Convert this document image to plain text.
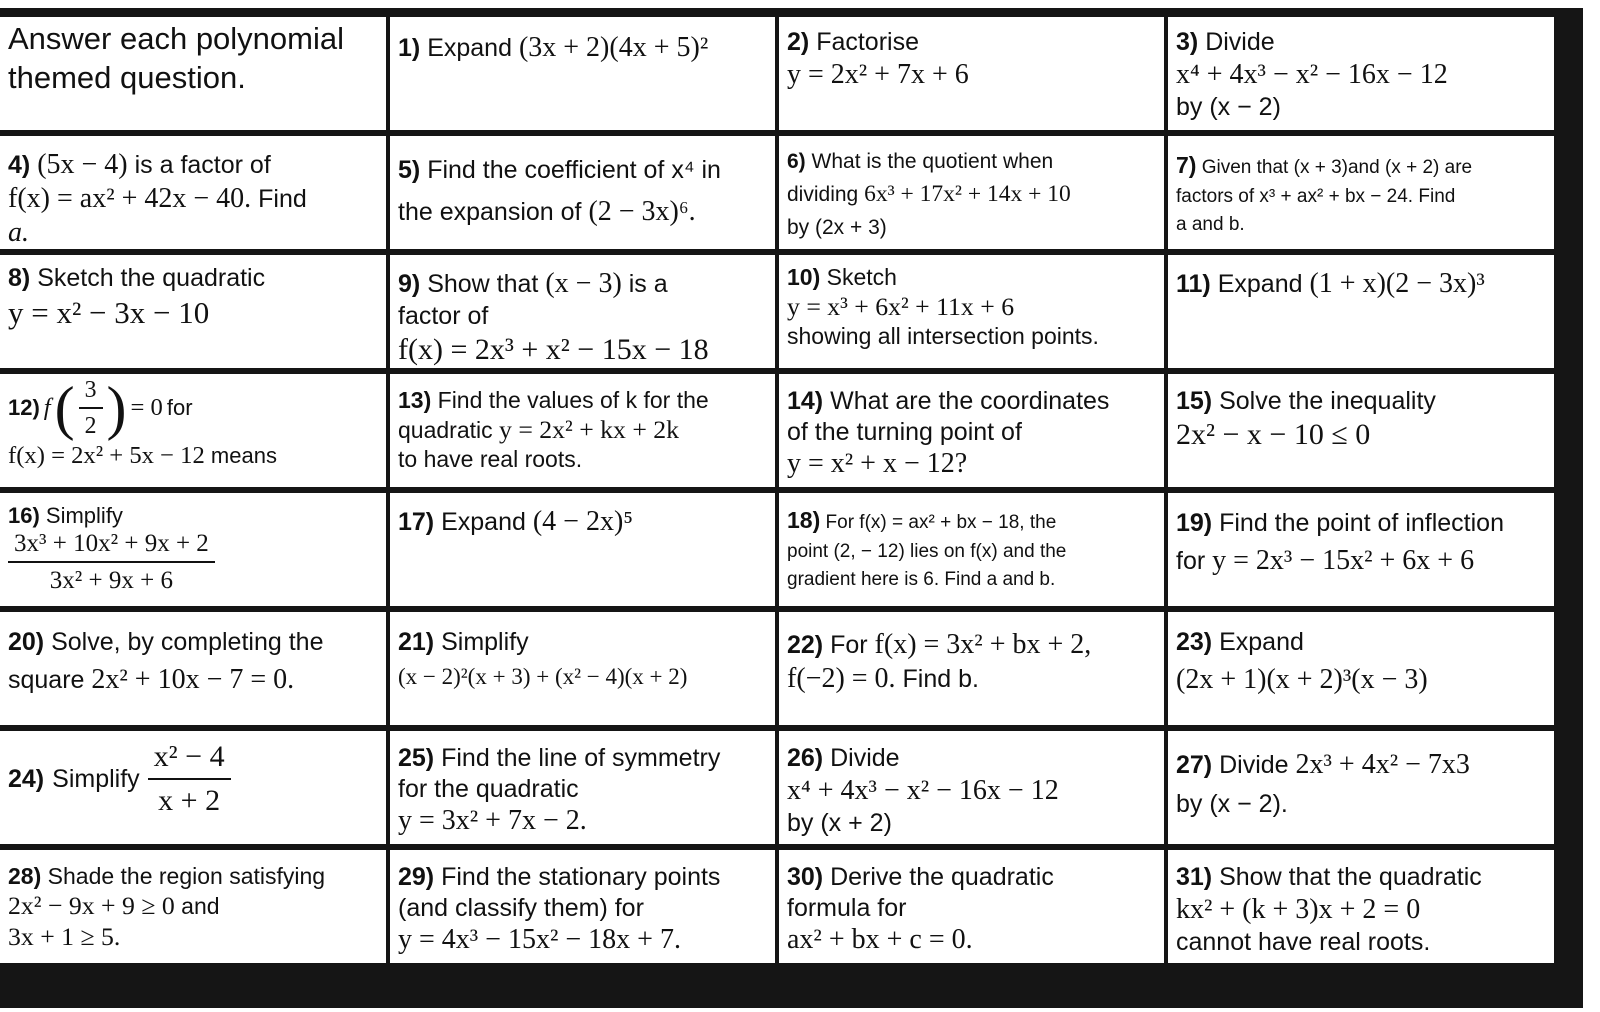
Answer each polynomial
themed question.
1) Expand (3x + 2)(4x + 5)²	2) Factorise
y = 2x² + 7x + 6
3) Divide
x⁴ + 4x³ − x² − 16x − 12
by (x − 2)
4) (5x − 4) is a factor of
f(x) = ax² + 42x − 40. Find
a.
5) Find the coefficient of x⁴ in
the expansion of (2 − 3x)⁶.
6) What is the quotient when
dividing 6x³ + 17x² + 14x + 10
by (2x + 3)
7) Given that (x + 3)and (x + 2) are
factors of x³ + ax² + bx − 24. Find
a and b.
8) Sketch the quadratic
y = x² − 3x − 10
9) Show that (x − 3) is a
factor of
f(x) = 2x³ + x² − 15x − 18
10) Sketch
y = x³ + 6x² + 11x + 6
showing all intersection points.
11) Expand (1 + x)(2 − 3x)³
12) f ( $\frac{3}{2}$ ) = 0 for
f(x) = 2x² + 5x − 12 means
13) Find the values of k for the
quadratic y = 2x² + kx + 2k
to have real roots.
14) What are the coordinates
of the turning point of
y = x² + x − 12?
15) Solve the inequality
2x² − x − 10 ≤ 0
16) Simplify
$\frac{\text{3x³ + 10x² + 9x + 2}}{\text{3x² + 9x + 6}}$
17) Expand (4 − 2x)⁵	18) For f(x) = ax² + bx − 18, the
point (2, − 12) lies on f(x) and the
gradient here is 6. Find a and b.
19) Find the point of inflection
for y = 2x³ − 15x² + 6x + 6
20) Solve, by completing the
square 2x² + 10x − 7 = 0.
21) Simplify
(x − 2)²(x + 3) + (x² − 4)(x + 2)
22) For f(x) = 3x² + bx + 2,
f(−2) = 0. Find b.
23) Expand
(2x + 1)(x + 2)³(x − 3)
24) Simplify $\frac{\text{x² − 4}}{x + 2}$	25) Find the line of symmetry
for the quadratic
y = 3x² + 7x − 2.
26) Divide
x⁴ + 4x³ − x² − 16x − 12
by (x + 2)
27) Divide 2x³ + 4x² − 7x3
by (x − 2).
28) Shade the region satisfying
2x² − 9x + 9 ≥ 0 and
3x + 1 ≥ 5.
29) Find the stationary points
(and classify them) for
y = 4x³ − 15x² − 18x + 7.
30) Derive the quadratic
formula for
ax² + bx + c = 0.
31) Show that the quadratic
kx² + (k + 3)x + 2 = 0
cannot have real roots.
